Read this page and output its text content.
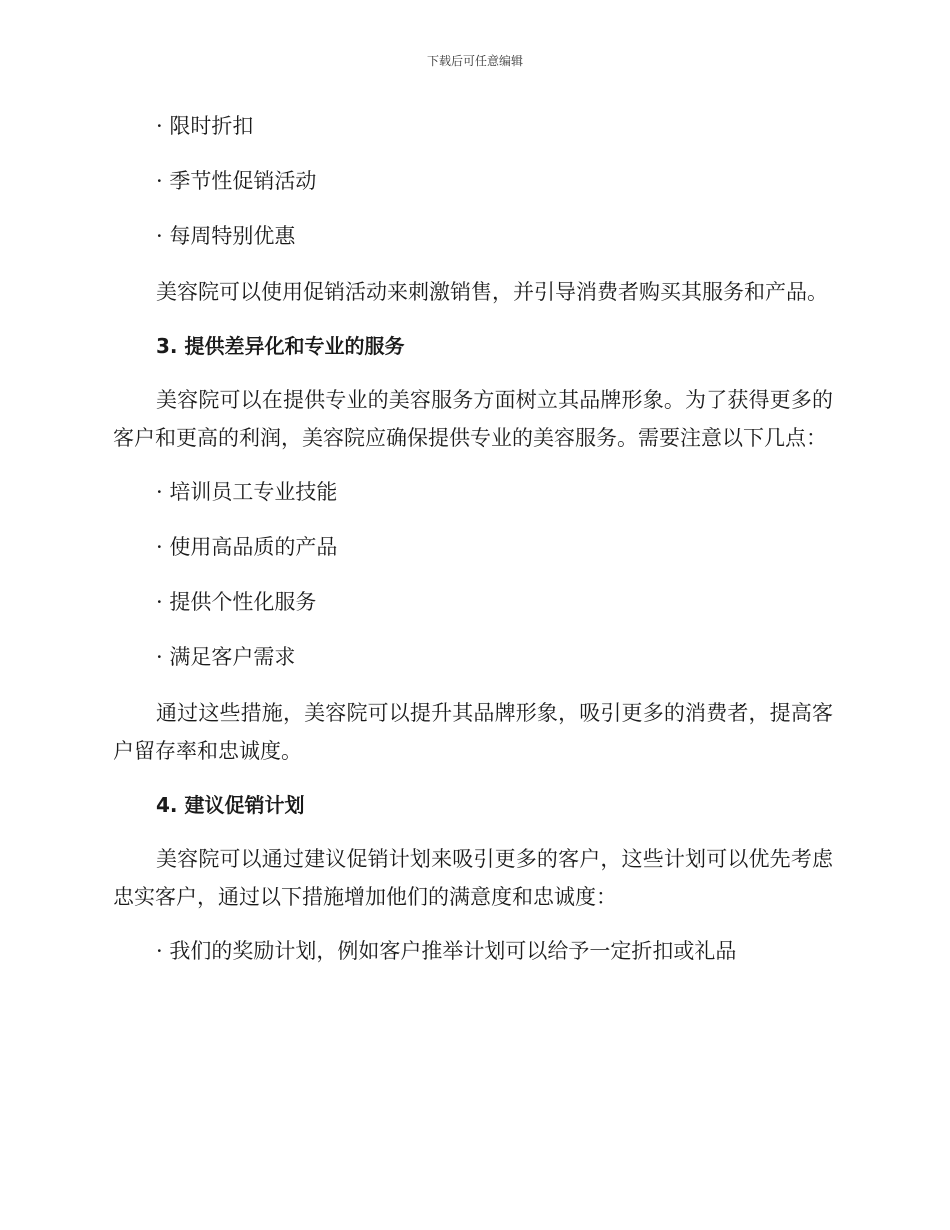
下载后可任意编辑
· 限时折扣
· 季节性促销活动
· 每周特别优惠
美容院可以使用促销活动来刺激销售，并引导消费者购买其服务和产品。
3. 提供差异化和专业的服务
美容院可以在提供专业的美容服务方面树立其品牌形象。为了获得更多的客户和更高的利润，美容院应确保提供专业的美容服务。需要注意以下几点：
· 培训员工专业技能
· 使用高品质的产品
· 提供个性化服务
· 满足客户需求
通过这些措施，美容院可以提升其品牌形象，吸引更多的消费者，提高客户留存率和忠诚度。
4. 建议促销计划
美容院可以通过建议促销计划来吸引更多的客户，这些计划可以优先考虑忠实客户，通过以下措施增加他们的满意度和忠诚度：
· 我们的奖励计划，例如客户推举计划可以给予一定折扣或礼品
